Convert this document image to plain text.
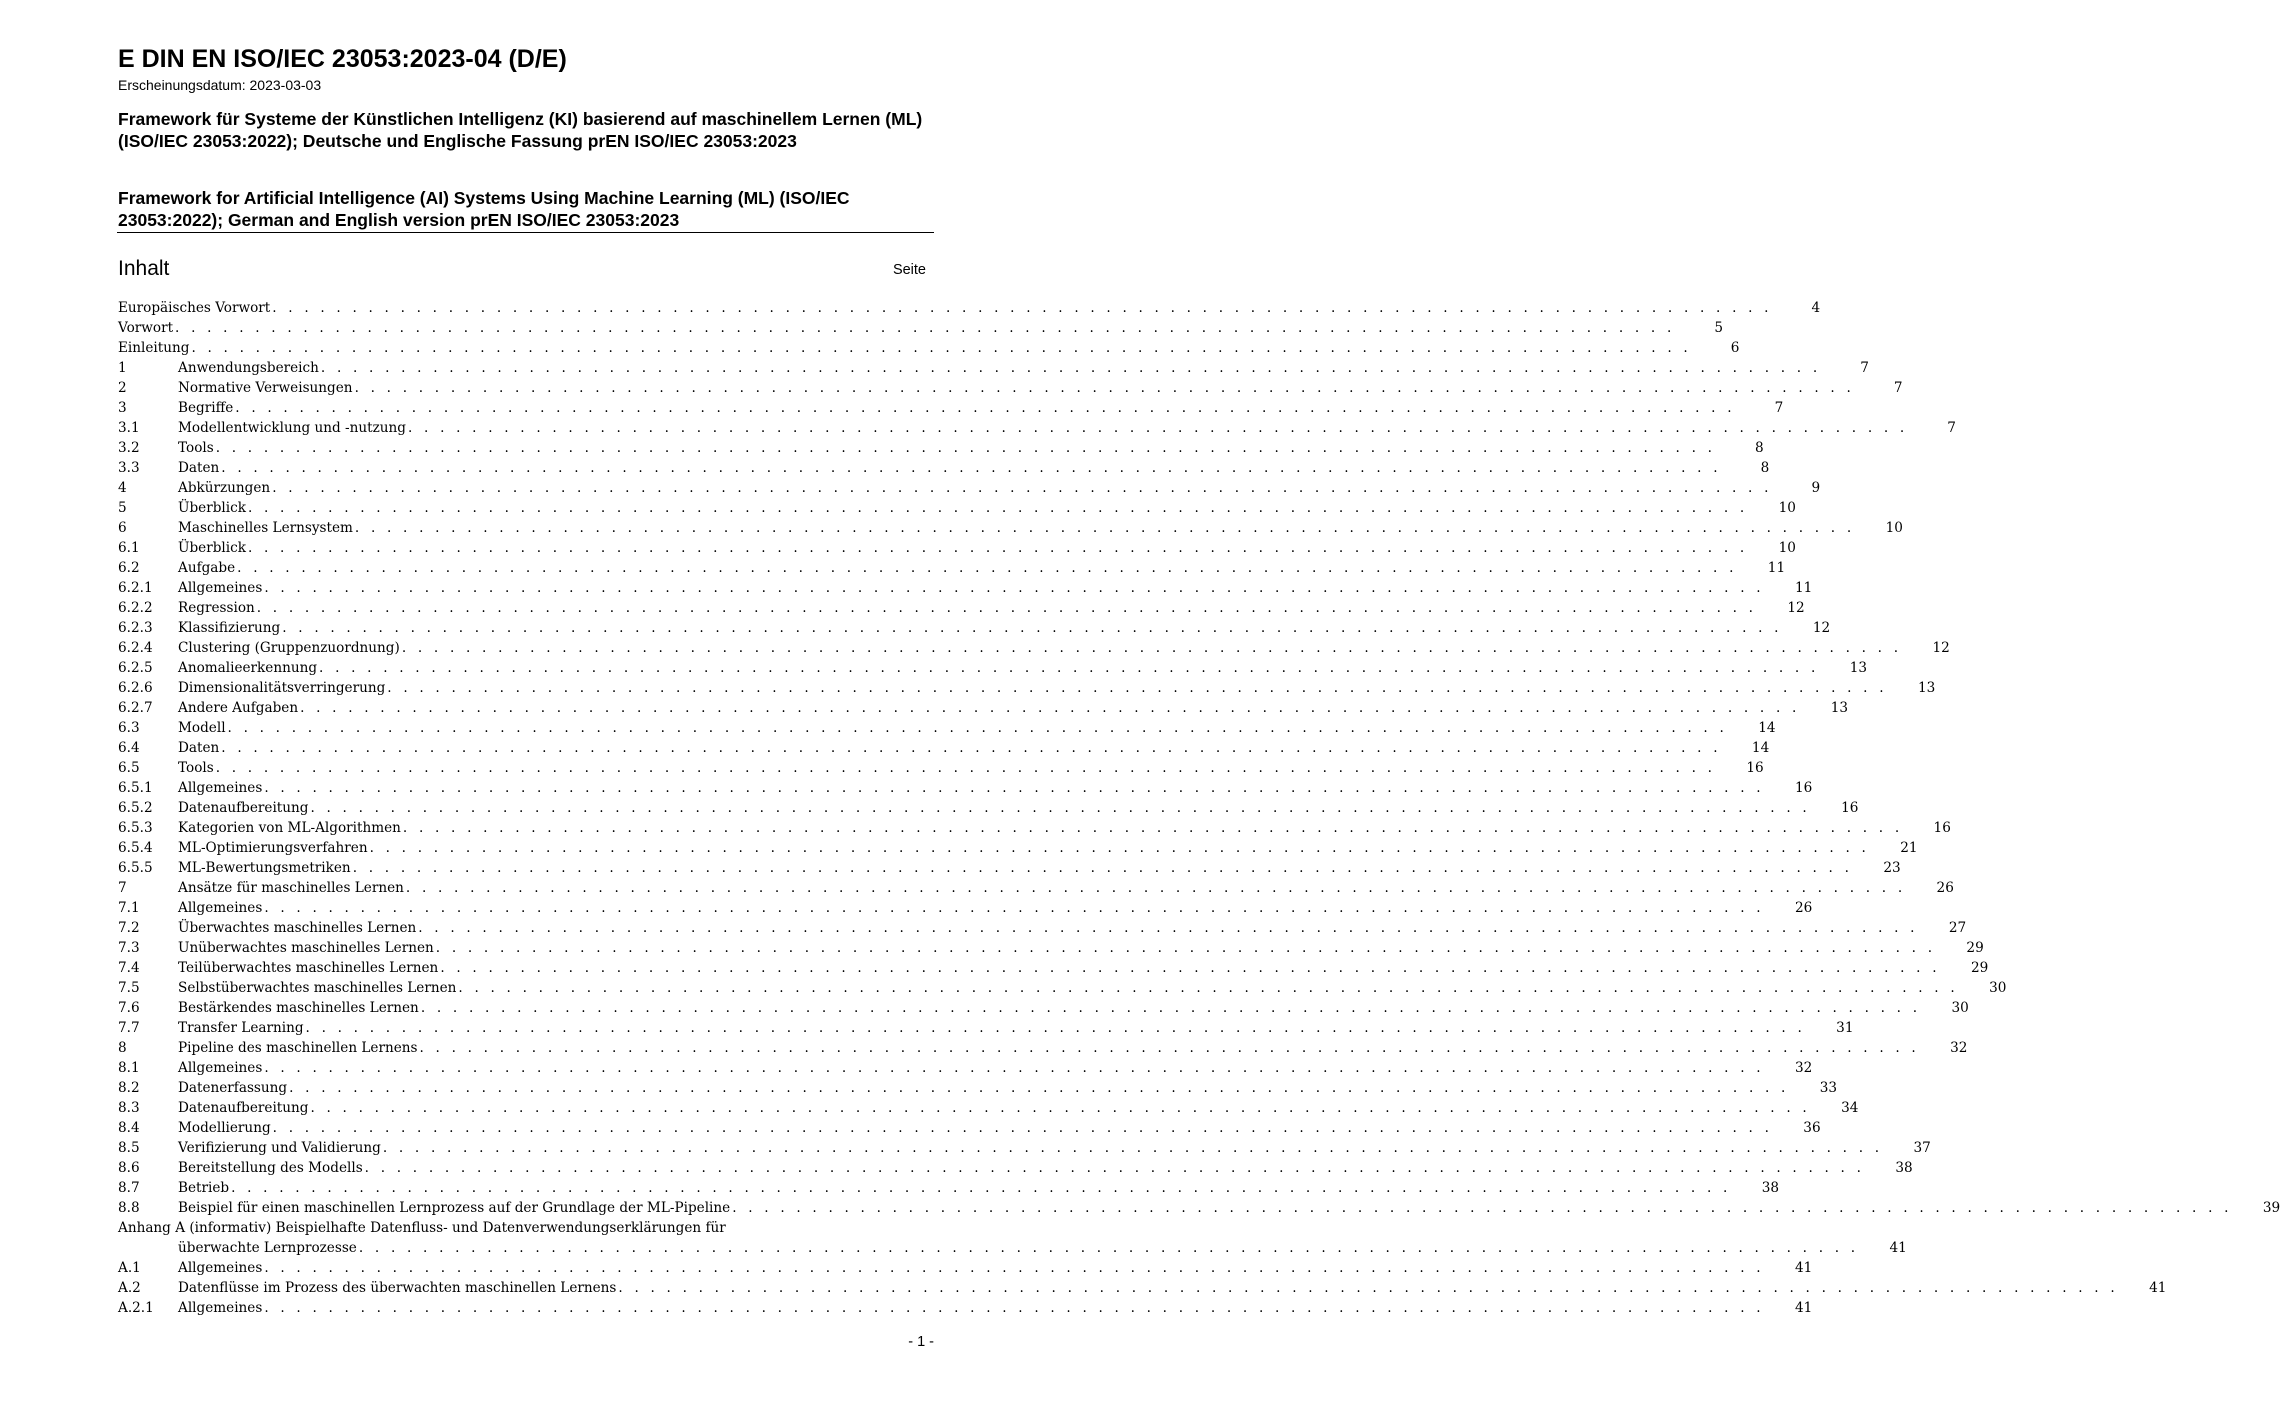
E DIN EN ISO/IEC 23053:2023-04 (D/E)
Erscheinungsdatum: 2023-03-03
Framework für Systeme der Künstlichen Intelligenz (KI) basierend auf maschinellem Lernen (ML) (ISO/IEC 23053:2022); Deutsche und Englische Fassung prEN ISO/IEC 23053:2023
Framework for Artificial Intelligence (AI) Systems Using Machine Learning (ML) (ISO/IEC 23053:2022); German and English version prEN ISO/IEC 23053:2023
Inhalt	Seite
Europäisches Vorwort . . . . . . . . . . . . . . . . . . . . . . . . . . . . . . . . . . . . . . . . . . . . . . . . . . . . . . . . . . . . . . . . . . . . . . . . . . . . . . . . . . . . . . . . . . . . . .	4
Vorwort . . . . . . . . . . . . . . . . . . . . . . . . . . . . . . . . . . . . . . . . . . . . . . . . . . . . . . . . . . . . . . . . . . . . . . . . . . . . . . . . . . . . . . . . . . . . . .	5
Einleitung . . . . . . . . . . . . . . . . . . . . . . . . . . . . . . . . . . . . . . . . . . . . . . . . . . . . . . . . . . . . . . . . . . . . . . . . . . . . . . . . . . . . . . . . . . . . . .	6
1	Anwendungsbereich . . . . . . . . . . . . . . . . . . . . . . . . . . . . . . . . . . . . . . . . . . . . . . . . . . . . . . . . . . . . . . . . . . . . . . . . . . . . . . . . . . . . . . . . . . . . . .	7
2	Normative Verweisungen . . . . . . . . . . . . . . . . . . . . . . . . . . . . . . . . . . . . . . . . . . . . . . . . . . . . . . . . . . . . . . . . . . . . . . . . . . . . . . . . . . . . . . . . . . . . . .	7
3	Begriffe . . . . . . . . . . . . . . . . . . . . . . . . . . . . . . . . . . . . . . . . . . . . . . . . . . . . . . . . . . . . . . . . . . . . . . . . . . . . . . . . . . . . . . . . . . . . . .	7
3.1	Modellentwicklung und -nutzung . . . . . . . . . . . . . . . . . . . . . . . . . . . . . . . . . . . . . . . . . . . . . . . . . . . . . . . . . . . . . . . . . . . . . . . . . . . . . . . . . . . . . . . . . . . . . .	7
3.2	Tools . . . . . . . . . . . . . . . . . . . . . . . . . . . . . . . . . . . . . . . . . . . . . . . . . . . . . . . . . . . . . . . . . . . . . . . . . . . . . . . . . . . . . . . . . . . . . .	8
3.3	Daten . . . . . . . . . . . . . . . . . . . . . . . . . . . . . . . . . . . . . . . . . . . . . . . . . . . . . . . . . . . . . . . . . . . . . . . . . . . . . . . . . . . . . . . . . . . . . .	8
4	Abkürzungen . . . . . . . . . . . . . . . . . . . . . . . . . . . . . . . . . . . . . . . . . . . . . . . . . . . . . . . . . . . . . . . . . . . . . . . . . . . . . . . . . . . . . . . . . . . . . .	9
5	Überblick . . . . . . . . . . . . . . . . . . . . . . . . . . . . . . . . . . . . . . . . . . . . . . . . . . . . . . . . . . . . . . . . . . . . . . . . . . . . . . . . . . . . . . . . . . . . . .	10
6	Maschinelles Lernsystem . . . . . . . . . . . . . . . . . . . . . . . . . . . . . . . . . . . . . . . . . . . . . . . . . . . . . . . . . . . . . . . . . . . . . . . . . . . . . . . . . . . . . . . . . . . . . .	10
6.1	Überblick . . . . . . . . . . . . . . . . . . . . . . . . . . . . . . . . . . . . . . . . . . . . . . . . . . . . . . . . . . . . . . . . . . . . . . . . . . . . . . . . . . . . . . . . . . . . . .	10
6.2	Aufgabe . . . . . . . . . . . . . . . . . . . . . . . . . . . . . . . . . . . . . . . . . . . . . . . . . . . . . . . . . . . . . . . . . . . . . . . . . . . . . . . . . . . . . . . . . . . . . .	11
6.2.1 Allgemeines . . . . . . . . . . . . . . . . . . . . . . . . . . . . . . . . . . . . . . . . . . . . . . . . . . . . . . . . . . . . . . . . . . . . . . . . . . . . . . . . . . . . . . . . . . . . . .	11
6.2.2 Regression . . . . . . . . . . . . . . . . . . . . . . . . . . . . . . . . . . . . . . . . . . . . . . . . . . . . . . . . . . . . . . . . . . . . . . . . . . . . . . . . . . . . . . . . . . . . . .	12
6.2.3 Klassifizierung . . . . . . . . . . . . . . . . . . . . . . . . . . . . . . . . . . . . . . . . . . . . . . . . . . . . . . . . . . . . . . . . . . . . . . . . . . . . . . . . . . . . . . . . . . . . . .	12
6.2.4 Clustering (Gruppenzuordnung) . . . . . . . . . . . . . . . . . . . . . . . . . . . . . . . . . . . . . . . . . . . . . . . . . . . . . . . . . . . . . . . . . . . . . . . . . . . . . . . . . . . . . . . . . . . . . .	12
6.2.5 Anomalieerkennung . . . . . . . . . . . . . . . . . . . . . . . . . . . . . . . . . . . . . . . . . . . . . . . . . . . . . . . . . . . . . . . . . . . . . . . . . . . . . . . . . . . . . . . . . . . . . .	13
6.2.6 Dimensionalitätsverringerung . . . . . . . . . . . . . . . . . . . . . . . . . . . . . . . . . . . . . . . . . . . . . . . . . . . . . . . . . . . . . . . . . . . . . . . . . . . . . . . . . . . . . . . . . . . . . .	13
6.2.7 Andere Aufgaben . . . . . . . . . . . . . . . . . . . . . . . . . . . . . . . . . . . . . . . . . . . . . . . . . . . . . . . . . . . . . . . . . . . . . . . . . . . . . . . . . . . . . . . . . . . . . .	13
6.3	Modell . . . . . . . . . . . . . . . . . . . . . . . . . . . . . . . . . . . . . . . . . . . . . . . . . . . . . . . . . . . . . . . . . . . . . . . . . . . . . . . . . . . . . . . . . . . . . .	14
6.4	Daten . . . . . . . . . . . . . . . . . . . . . . . . . . . . . . . . . . . . . . . . . . . . . . . . . . . . . . . . . . . . . . . . . . . . . . . . . . . . . . . . . . . . . . . . . . . . . .	14
6.5	Tools . . . . . . . . . . . . . . . . . . . . . . . . . . . . . . . . . . . . . . . . . . . . . . . . . . . . . . . . . . . . . . . . . . . . . . . . . . . . . . . . . . . . . . . . . . . . . .	16
6.5.1 Allgemeines . . . . . . . . . . . . . . . . . . . . . . . . . . . . . . . . . . . . . . . . . . . . . . . . . . . . . . . . . . . . . . . . . . . . . . . . . . . . . . . . . . . . . . . . . . . . . .	16
6.5.2 Datenaufbereitung . . . . . . . . . . . . . . . . . . . . . . . . . . . . . . . . . . . . . . . . . . . . . . . . . . . . . . . . . . . . . . . . . . . . . . . . . . . . . . . . . . . . . . . . . . . . . .	16
6.5.3 Kategorien von ML-Algorithmen . . . . . . . . . . . . . . . . . . . . . . . . . . . . . . . . . . . . . . . . . . . . . . . . . . . . . . . . . . . . . . . . . . . . . . . . . . . . . . . . . . . . . . . . . . . . . .	16
6.5.4 ML-Optimierungsverfahren . . . . . . . . . . . . . . . . . . . . . . . . . . . . . . . . . . . . . . . . . . . . . . . . . . . . . . . . . . . . . . . . . . . . . . . . . . . . . . . . . . . . . . . . . . . . . .	21
6.5.5 ML-Bewertungsmetriken . . . . . . . . . . . . . . . . . . . . . . . . . . . . . . . . . . . . . . . . . . . . . . . . . . . . . . . . . . . . . . . . . . . . . . . . . . . . . . . . . . . . . . . . . . . . . .	23
7	Ansätze für maschinelles Lernen . . . . . . . . . . . . . . . . . . . . . . . . . . . . . . . . . . . . . . . . . . . . . . . . . . . . . . . . . . . . . . . . . . . . . . . . . . . . . . . . . . . . . . . . . . . . . .	26
7.1	Allgemeines . . . . . . . . . . . . . . . . . . . . . . . . . . . . . . . . . . . . . . . . . . . . . . . . . . . . . . . . . . . . . . . . . . . . . . . . . . . . . . . . . . . . . . . . . . . . . .	26
7.2	Überwachtes maschinelles Lernen . . . . . . . . . . . . . . . . . . . . . . . . . . . . . . . . . . . . . . . . . . . . . . . . . . . . . . . . . . . . . . . . . . . . . . . . . . . . . . . . . . . . . . . . . . . . . .	27
7.3	Unüberwachtes maschinelles Lernen . . . . . . . . . . . . . . . . . . . . . . . . . . . . . . . . . . . . . . . . . . . . . . . . . . . . . . . . . . . . . . . . . . . . . . . . . . . . . . . . . . . . . . . . . . . . . .	29
7.4	Teilüberwachtes maschinelles Lernen . . . . . . . . . . . . . . . . . . . . . . . . . . . . . . . . . . . . . . . . . . . . . . . . . . . . . . . . . . . . . . . . . . . . . . . . . . . . . . . . . . . . . . . . . . . . . .	29
7.5	Selbstüberwachtes maschinelles Lernen . . . . . . . . . . . . . . . . . . . . . . . . . . . . . . . . . . . . . . . . . . . . . . . . . . . . . . . . . . . . . . . . . . . . . . . . . . . . . . . . . . . . . . . . . . . . . .	30
7.6	Bestärkendes maschinelles Lernen . . . . . . . . . . . . . . . . . . . . . . . . . . . . . . . . . . . . . . . . . . . . . . . . . . . . . . . . . . . . . . . . . . . . . . . . . . . . . . . . . . . . . . . . . . . . . .	30
7.7	Transfer Learning . . . . . . . . . . . . . . . . . . . . . . . . . . . . . . . . . . . . . . . . . . . . . . . . . . . . . . . . . . . . . . . . . . . . . . . . . . . . . . . . . . . . . . . . . . . . . .	31
8	Pipeline des maschinellen Lernens . . . . . . . . . . . . . . . . . . . . . . . . . . . . . . . . . . . . . . . . . . . . . . . . . . . . . . . . . . . . . . . . . . . . . . . . . . . . . . . . . . . . . . . . . . . . . .	32
8.1	Allgemeines . . . . . . . . . . . . . . . . . . . . . . . . . . . . . . . . . . . . . . . . . . . . . . . . . . . . . . . . . . . . . . . . . . . . . . . . . . . . . . . . . . . . . . . . . . . . . .	32
8.2	Datenerfassung . . . . . . . . . . . . . . . . . . . . . . . . . . . . . . . . . . . . . . . . . . . . . . . . . . . . . . . . . . . . . . . . . . . . . . . . . . . . . . . . . . . . . . . . . . . . . .	33
8.3	Datenaufbereitung . . . . . . . . . . . . . . . . . . . . . . . . . . . . . . . . . . . . . . . . . . . . . . . . . . . . . . . . . . . . . . . . . . . . . . . . . . . . . . . . . . . . . . . . . . . . . .	34
8.4	Modellierung . . . . . . . . . . . . . . . . . . . . . . . . . . . . . . . . . . . . . . . . . . . . . . . . . . . . . . . . . . . . . . . . . . . . . . . . . . . . . . . . . . . . . . . . . . . . . .	36
8.5	Verifizierung und Validierung . . . . . . . . . . . . . . . . . . . . . . . . . . . . . . . . . . . . . . . . . . . . . . . . . . . . . . . . . . . . . . . . . . . . . . . . . . . . . . . . . . . . . . . . . . . . . .	37
8.6	Bereitstellung des Modells . . . . . . . . . . . . . . . . . . . . . . . . . . . . . . . . . . . . . . . . . . . . . . . . . . . . . . . . . . . . . . . . . . . . . . . . . . . . . . . . . . . . . . . . . . . . . .	38
8.7	Betrieb . . . . . . . . . . . . . . . . . . . . . . . . . . . . . . . . . . . . . . . . . . . . . . . . . . . . . . . . . . . . . . . . . . . . . . . . . . . . . . . . . . . . . . . . . . . . . .	38
8.8	Beispiel für einen maschinellen Lernprozess auf der Grundlage der ML-Pipeline . . . . . . . . . . . . . . . . . . . . . . . . . . . . . . . . . . . . . . . . . . . . . . . . . . . . . . . . . . . . . . . . . . . . . . . . . . . . . . . . . . . . . . . . . . . . . .	39
Anhang A (informativ) Beispielhafte Datenfluss- und Datenverwendungserklärungen für
überwachte Lernprozesse . . . . . . . . . . . . . . . . . . . . . . . . . . . . . . . . . . . . . . . . . . . . . . . . . . . . . . . . . . . . . . . . . . . . . . . . . . . . . . . . . . . . . . . . . . . . . .	41
A.1	Allgemeines . . . . . . . . . . . . . . . . . . . . . . . . . . . . . . . . . . . . . . . . . . . . . . . . . . . . . . . . . . . . . . . . . . . . . . . . . . . . . . . . . . . . . . . . . . . . . .	41
A.2	Datenflüsse im Prozess des überwachten maschinellen Lernens . . . . . . . . . . . . . . . . . . . . . . . . . . . . . . . . . . . . . . . . . . . . . . . . . . . . . . . . . . . . . . . . . . . . . . . . . . . . . . . . . . . . . . . . . . . . . .	41
A.2.1 Allgemeines . . . . . . . . . . . . . . . . . . . . . . . . . . . . . . . . . . . . . . . . . . . . . . . . . . . . . . . . . . . . . . . . . . . . . . . . . . . . . . . . . . . . . . . . . . . . . .	41
- 1 -
